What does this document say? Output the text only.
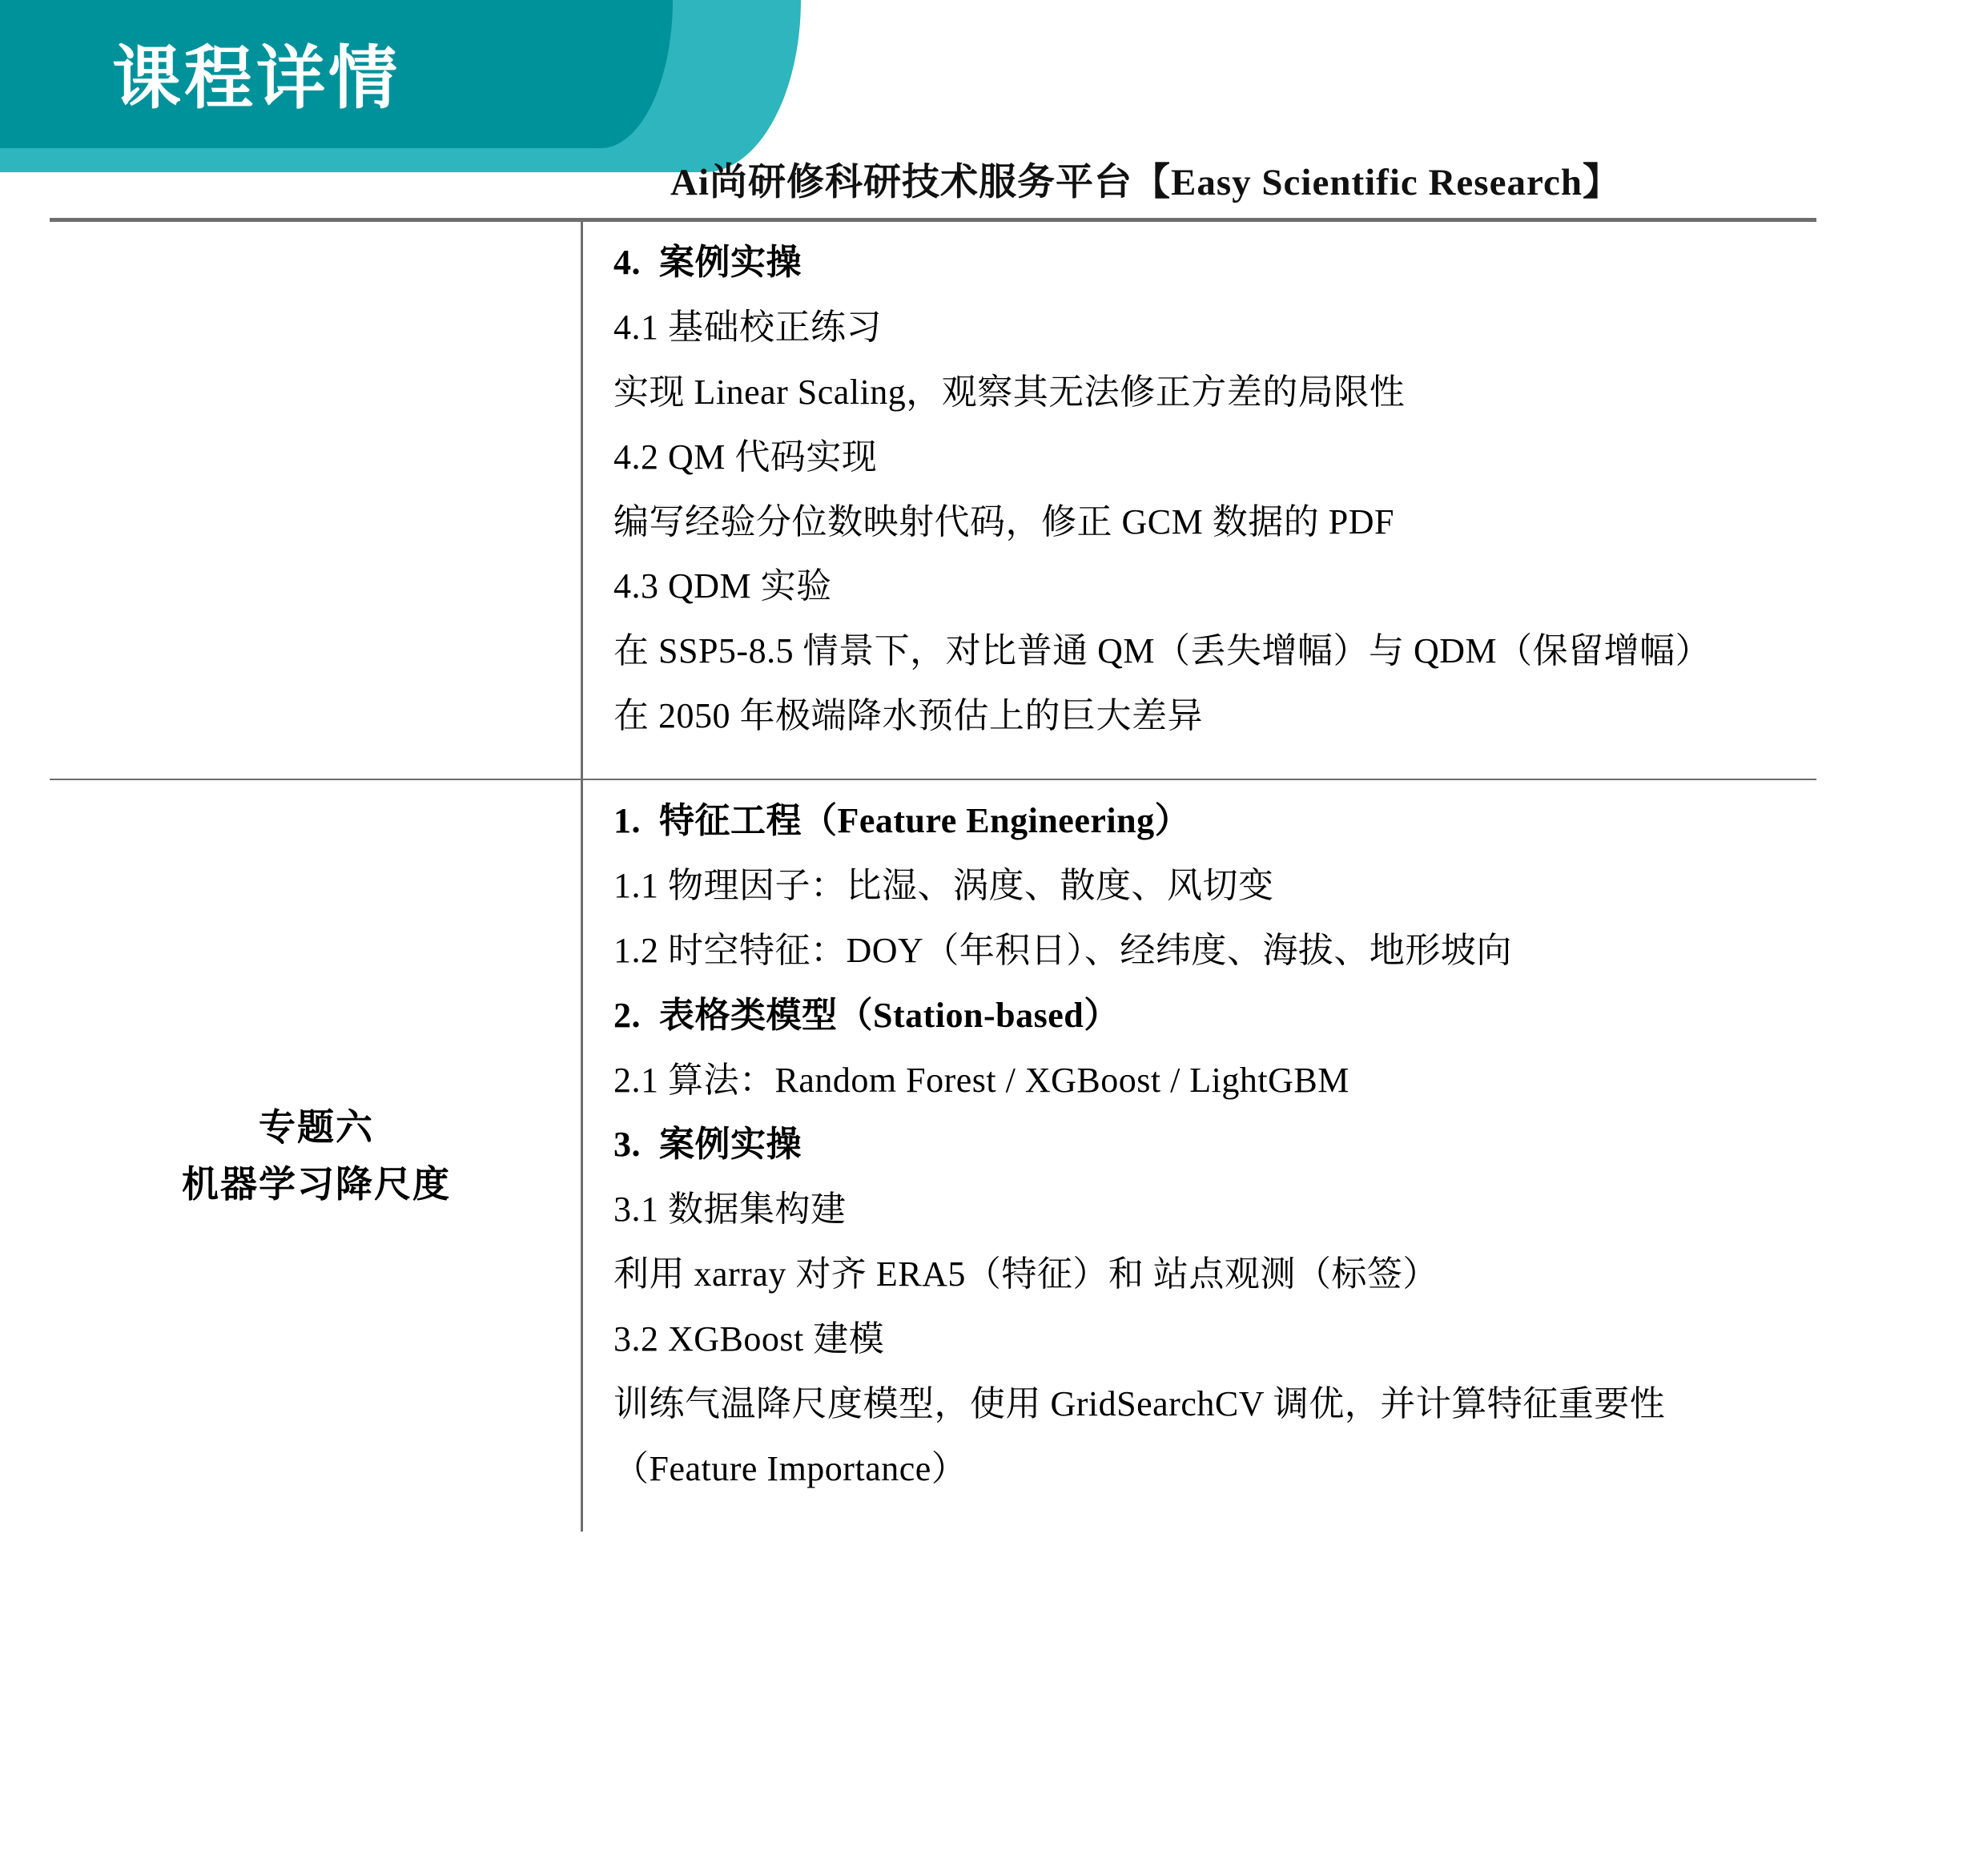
课程详情
Ai尚研修科研技术服务平台【Easy Scientific Research】

4.  案例实操

4.1 基础校正练习

实现 Linear Scaling，观察其无法修正方差的局限性

4.2 QM 代码实现

编写经验分位数映射代码，修正 GCM 数据的 PDF

4.3 QDM 实验

在 SSP5-8.5 情景下，对比普通 QM（丢失增幅）与 QDM（保留增幅）

在 2050 年极端降水预估上的巨大差异

专题六
机器学习降尺度

1.  特征工程（Feature Engineering）

1.1 物理因子：比湿、涡度、散度、风切变

1.2 时空特征：DOY（年积日）、经纬度、海拔、地形坡向

2.  表格类模型（Station-based）

2.1 算法：Random Forest / XGBoost / LightGBM

3.  案例实操

3.1 数据集构建

利用 xarray 对齐 ERA5（特征）和 站点观测（标签）

3.2 XGBoost 建模

训练气温降尺度模型，使用 GridSearchCV 调优，并计算特征重要性

（Feature Importance）
